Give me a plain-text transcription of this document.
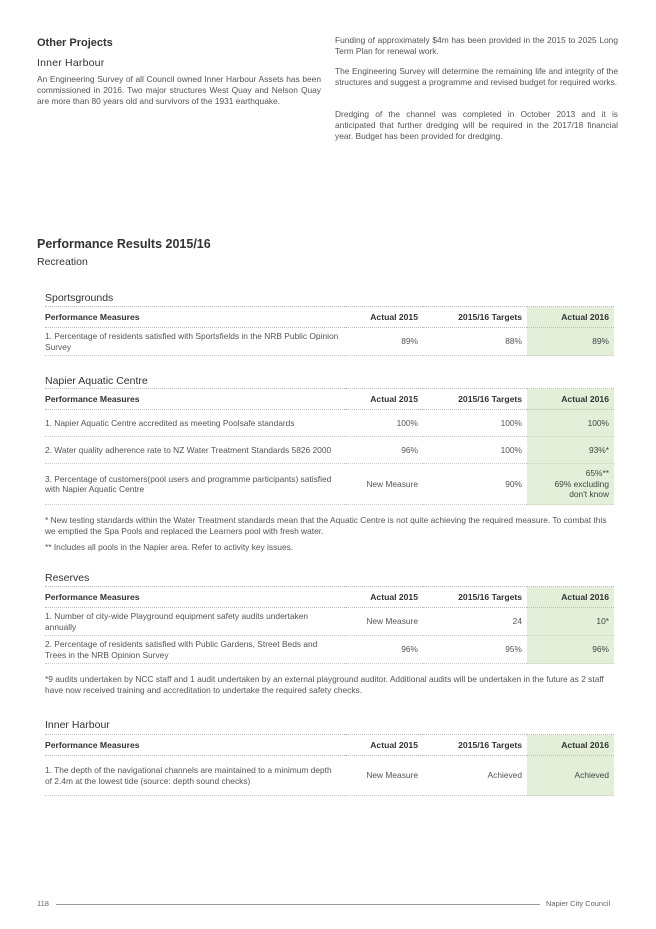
Other Projects
Inner Harbour
An Engineering Survey of all Council owned Inner Harbour Assets has been commissioned in 2016. Two major structures West Quay and Nelson Quay are more than 80 years old and survivors of the 1931 earthquake.
Funding of approximately $4m has been provided in the 2015 to 2025 Long Term Plan for renewal work.
The Engineering Survey will determine the remaining life and integrity of the structures and suggest a programme and revised budget for required works.
Dredging of the channel was completed in October 2013 and it is anticipated that further dredging will be required in the 2017/18 financial year. Budget has been provided for dredging.
Performance Results 2015/16
Recreation
Sportsgrounds
Performance Measures	Actual 2015	2015/16 Targets	Actual 2016
1. Percentage of residents satisfied with Sportsfields in the NRB Public Opinion Survey	89%	88%	89%
Napier Aquatic Centre
Performance Measures	Actual 2015	2015/16 Targets	Actual 2016
1. Napier Aquatic Centre accredited as meeting Poolsafe standards	100%	100%	100%
2. Water quality adherence rate to NZ Water Treatment Standards 5826 2000	96%	100%	93%*
3. Percentage of customers(pool users and programme participants) satisfied with Napier Aquatic Centre	New Measure	90%	65%**
69% excluding
don't know
* New testing standards within the Water Treatment standards mean that the Aquatic Centre is not quite achieving the required measure. To combat this we emptied the Spa Pools and replaced the Learners pool with fresh water.
** Includes all pools in the Napier area. Refer to activity key issues.
Reserves
Performance Measures	Actual 2015	2015/16 Targets	Actual 2016
1. Number of city-wide Playground equipment safety audits undertaken annually	New Measure	24	10*
2. Percentage of residents satisfied with Public Gardens, Street Beds and Trees in the NRB Opinion Survey	96%	95%	96%
*9 audits undertaken by NCC staff and 1 audit undertaken by an external playground auditor. Additional audits will be undertaken in the future as 2 staff have now received training and accreditation to undertake the required safety checks.
Inner Harbour
Performance Measures	Actual 2015	2015/16 Targets	Actual 2016
1. The depth of the navigational channels are maintained to a minimum depth of 2.4m at the lowest tide (source: depth sound checks)	New Measure	Achieved	Achieved
118	Napier City Council
